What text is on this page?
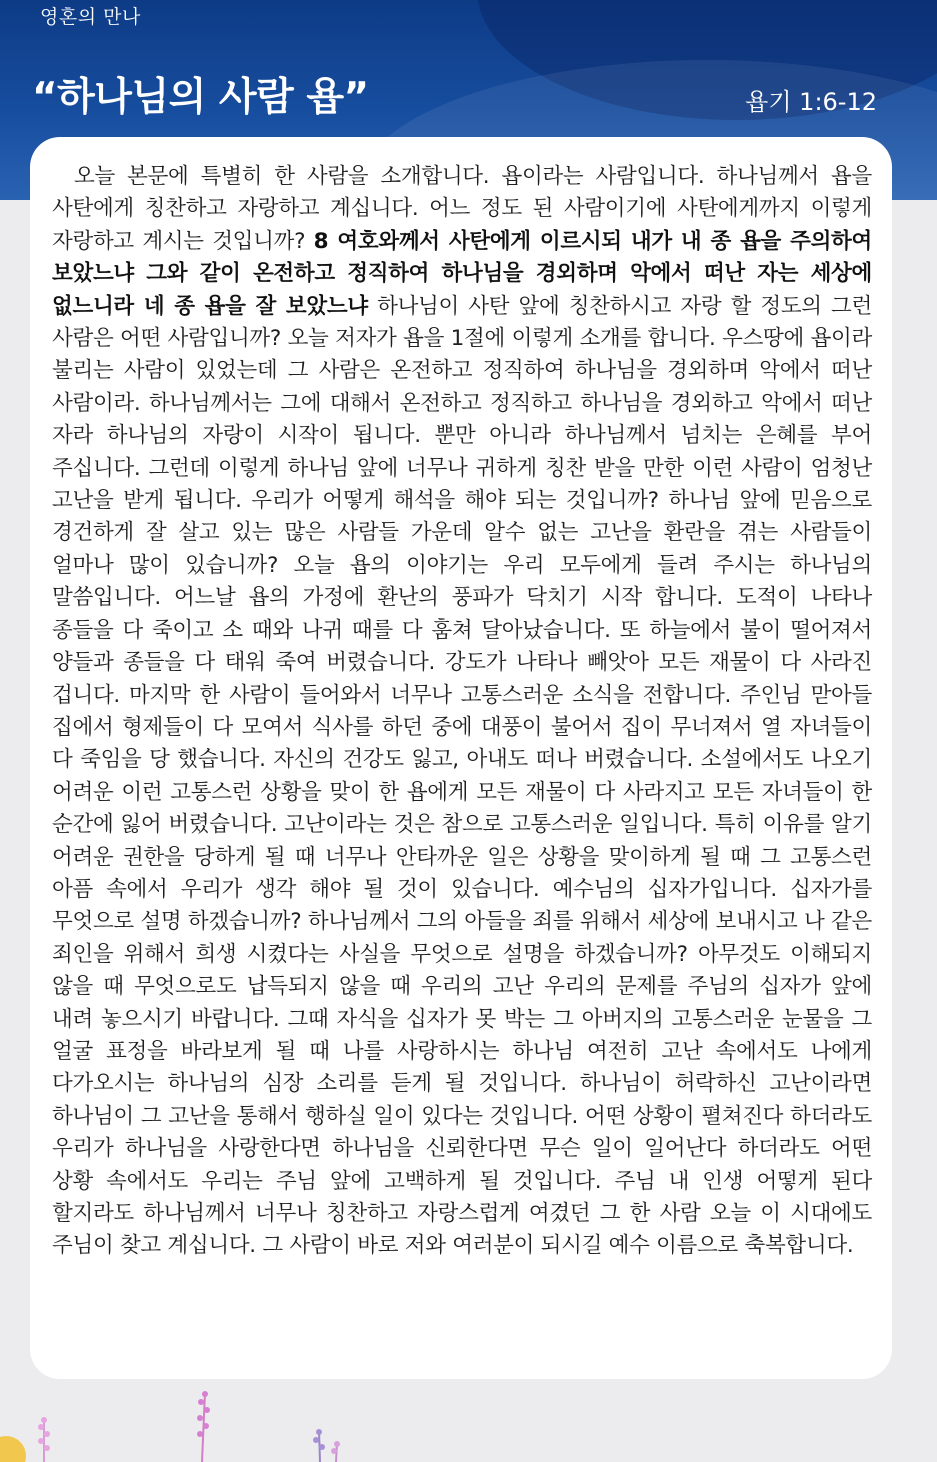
영혼의 만나
“하나님의 사람 욥”	욥기 1:6-12

오늘 본문에 특별히 한 사람을 소개합니다. 욥이라는 사람입니다. 하나님께서 욥을 사탄에게 칭찬하고 자랑하고 계십니다. 어느 정도 된 사람이기에 사탄에게까지 이렇게 자랑하고 계시는 것입니까? 8 여호와께서 사탄에게 이르시되 내가 내 종 욥을 주의하여 보았느냐 그와 같이 온전하고 정직하여 하나님을 경외하며 악에서 떠난 자는 세상에 없느니라 네 종 욥을 잘 보았느냐 하나님이 사탄 앞에 칭찬하시고 자랑 할 정도의 그런 사람은 어떤 사람입니까? 오늘 저자가 욥을 1절에 이렇게 소개를 합니다. 우스땅에 욥이라 불리는 사람이 있었는데 그 사람은 온전하고 정직하여 하나님을 경외하며 악에서 떠난 사람이라. 하나님께서는 그에 대해서 온전하고 정직하고 하나님을 경외하고 악에서 떠난 자라 하나님의 자랑이 시작이 됩니다. 뿐만 아니라 하나님께서 넘치는 은혜를 부어 주십니다. 그런데 이렇게 하나님 앞에 너무나 귀하게 칭찬 받을 만한 이런 사람이 엄청난 고난을 받게 됩니다. 우리가 어떻게 해석을 해야 되는 것입니까? 하나님 앞에 믿음으로 경건하게 잘 살고 있는 많은 사람들 가운데 알수 없는 고난을 환란을 겪는 사람들이 얼마나 많이 있습니까? 오늘 욥의 이야기는 우리 모두에게 들려 주시는 하나님의 말씀입니다. 어느날 욥의 가정에 환난의 풍파가 닥치기 시작 합니다. 도적이 나타나 종들을 다 죽이고 소 때와 나귀 때를 다 훔쳐 달아났습니다. 또 하늘에서 불이 떨어져서 양들과 종들을 다 태워 죽여 버렸습니다. 강도가 나타나 빼앗아 모든 재물이 다 사라진 겁니다. 마지막 한 사람이 들어와서 너무나 고통스러운 소식을 전합니다. 주인님 맏아들 집에서 형제들이 다 모여서 식사를 하던 중에 대풍이 불어서 집이 무너져서 열 자녀들이 다 죽임을 당 했습니다. 자신의 건강도 잃고, 아내도 떠나 버렸습니다. 소설에서도 나오기 어려운 이런 고통스런 상황을 맞이 한 욥에게 모든 재물이 다 사라지고 모든 자녀들이 한 순간에 잃어 버렸습니다. 고난이라는 것은 참으로 고통스러운 일입니다. 특히 이유를 알기 어려운 권한을 당하게 될 때 너무나 안타까운 일은 상황을 맞이하게 될 때 그 고통스런 아픔 속에서 우리가 생각 해야 될 것이 있습니다. 예수님의 십자가입니다. 십자가를 무엇으로 설명 하겠습니까? 하나님께서 그의 아들을 죄를 위해서 세상에 보내시고 나 같은 죄인을 위해서 희생 시켰다는 사실을 무엇으로 설명을 하겠습니까? 아무것도 이해되지 않을 때 무엇으로도 납득되지 않을 때 우리의 고난 우리의 문제를 주님의 십자가 앞에 내려 놓으시기 바랍니다. 그때 자식을 십자가 못 박는 그 아버지의 고통스러운 눈물을 그 얼굴 표정을 바라보게 될 때 나를 사랑하시는 하나님 여전히 고난 속에서도 나에게 다가오시는 하나님의 심장 소리를 듣게 될 것입니다. 하나님이 허락하신 고난이라면 하나님이 그 고난을 통해서 행하실 일이 있다는 것입니다. 어떤 상황이 펼쳐진다 하더라도 우리가 하나님을 사랑한다면 하나님을 신뢰한다면 무슨 일이 일어난다 하더라도 어떤 상황 속에서도 우리는 주님 앞에 고백하게 될 것입니다. 주님 내 인생 어떻게 된다 할지라도 하나님께서 너무나 칭찬하고 자랑스럽게 여겼던 그 한 사람 오늘 이 시대에도 주님이 찾고 계십니다. 그 사람이 바로 저와 여러분이 되시길 예수 이름으로 축복합니다.
